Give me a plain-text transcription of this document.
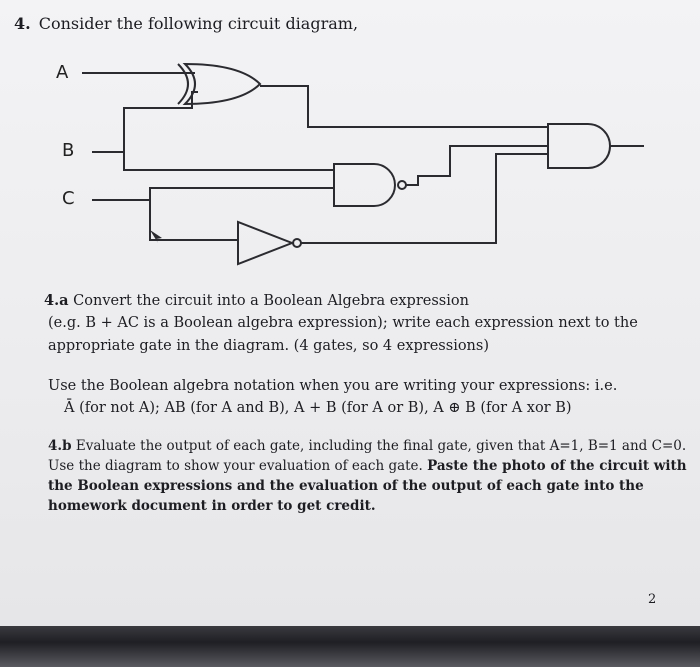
4. Consider the following circuit diagram,
A
B
C
4.a Convert the circuit into a Boolean Algebra expression
(e.g. B + AC is a Boolean algebra expression); write each expression next to the
appropriate gate in the diagram. (4 gates, so 4 expressions)
Use the Boolean algebra notation when you are writing your expressions: i.e.
Ā (for not A); AB (for A and B), A + B (for A or B), A ⊕ B (for A xor B)
4.b Evaluate the output of each gate, including the final gate, given that A=1, B=1 and C=0.
Use the diagram to show your evaluation of each gate. Paste the photo of the circuit with
the Boolean expressions and the evaluation of the output of each gate into the
homework document in order to get credit.
2
